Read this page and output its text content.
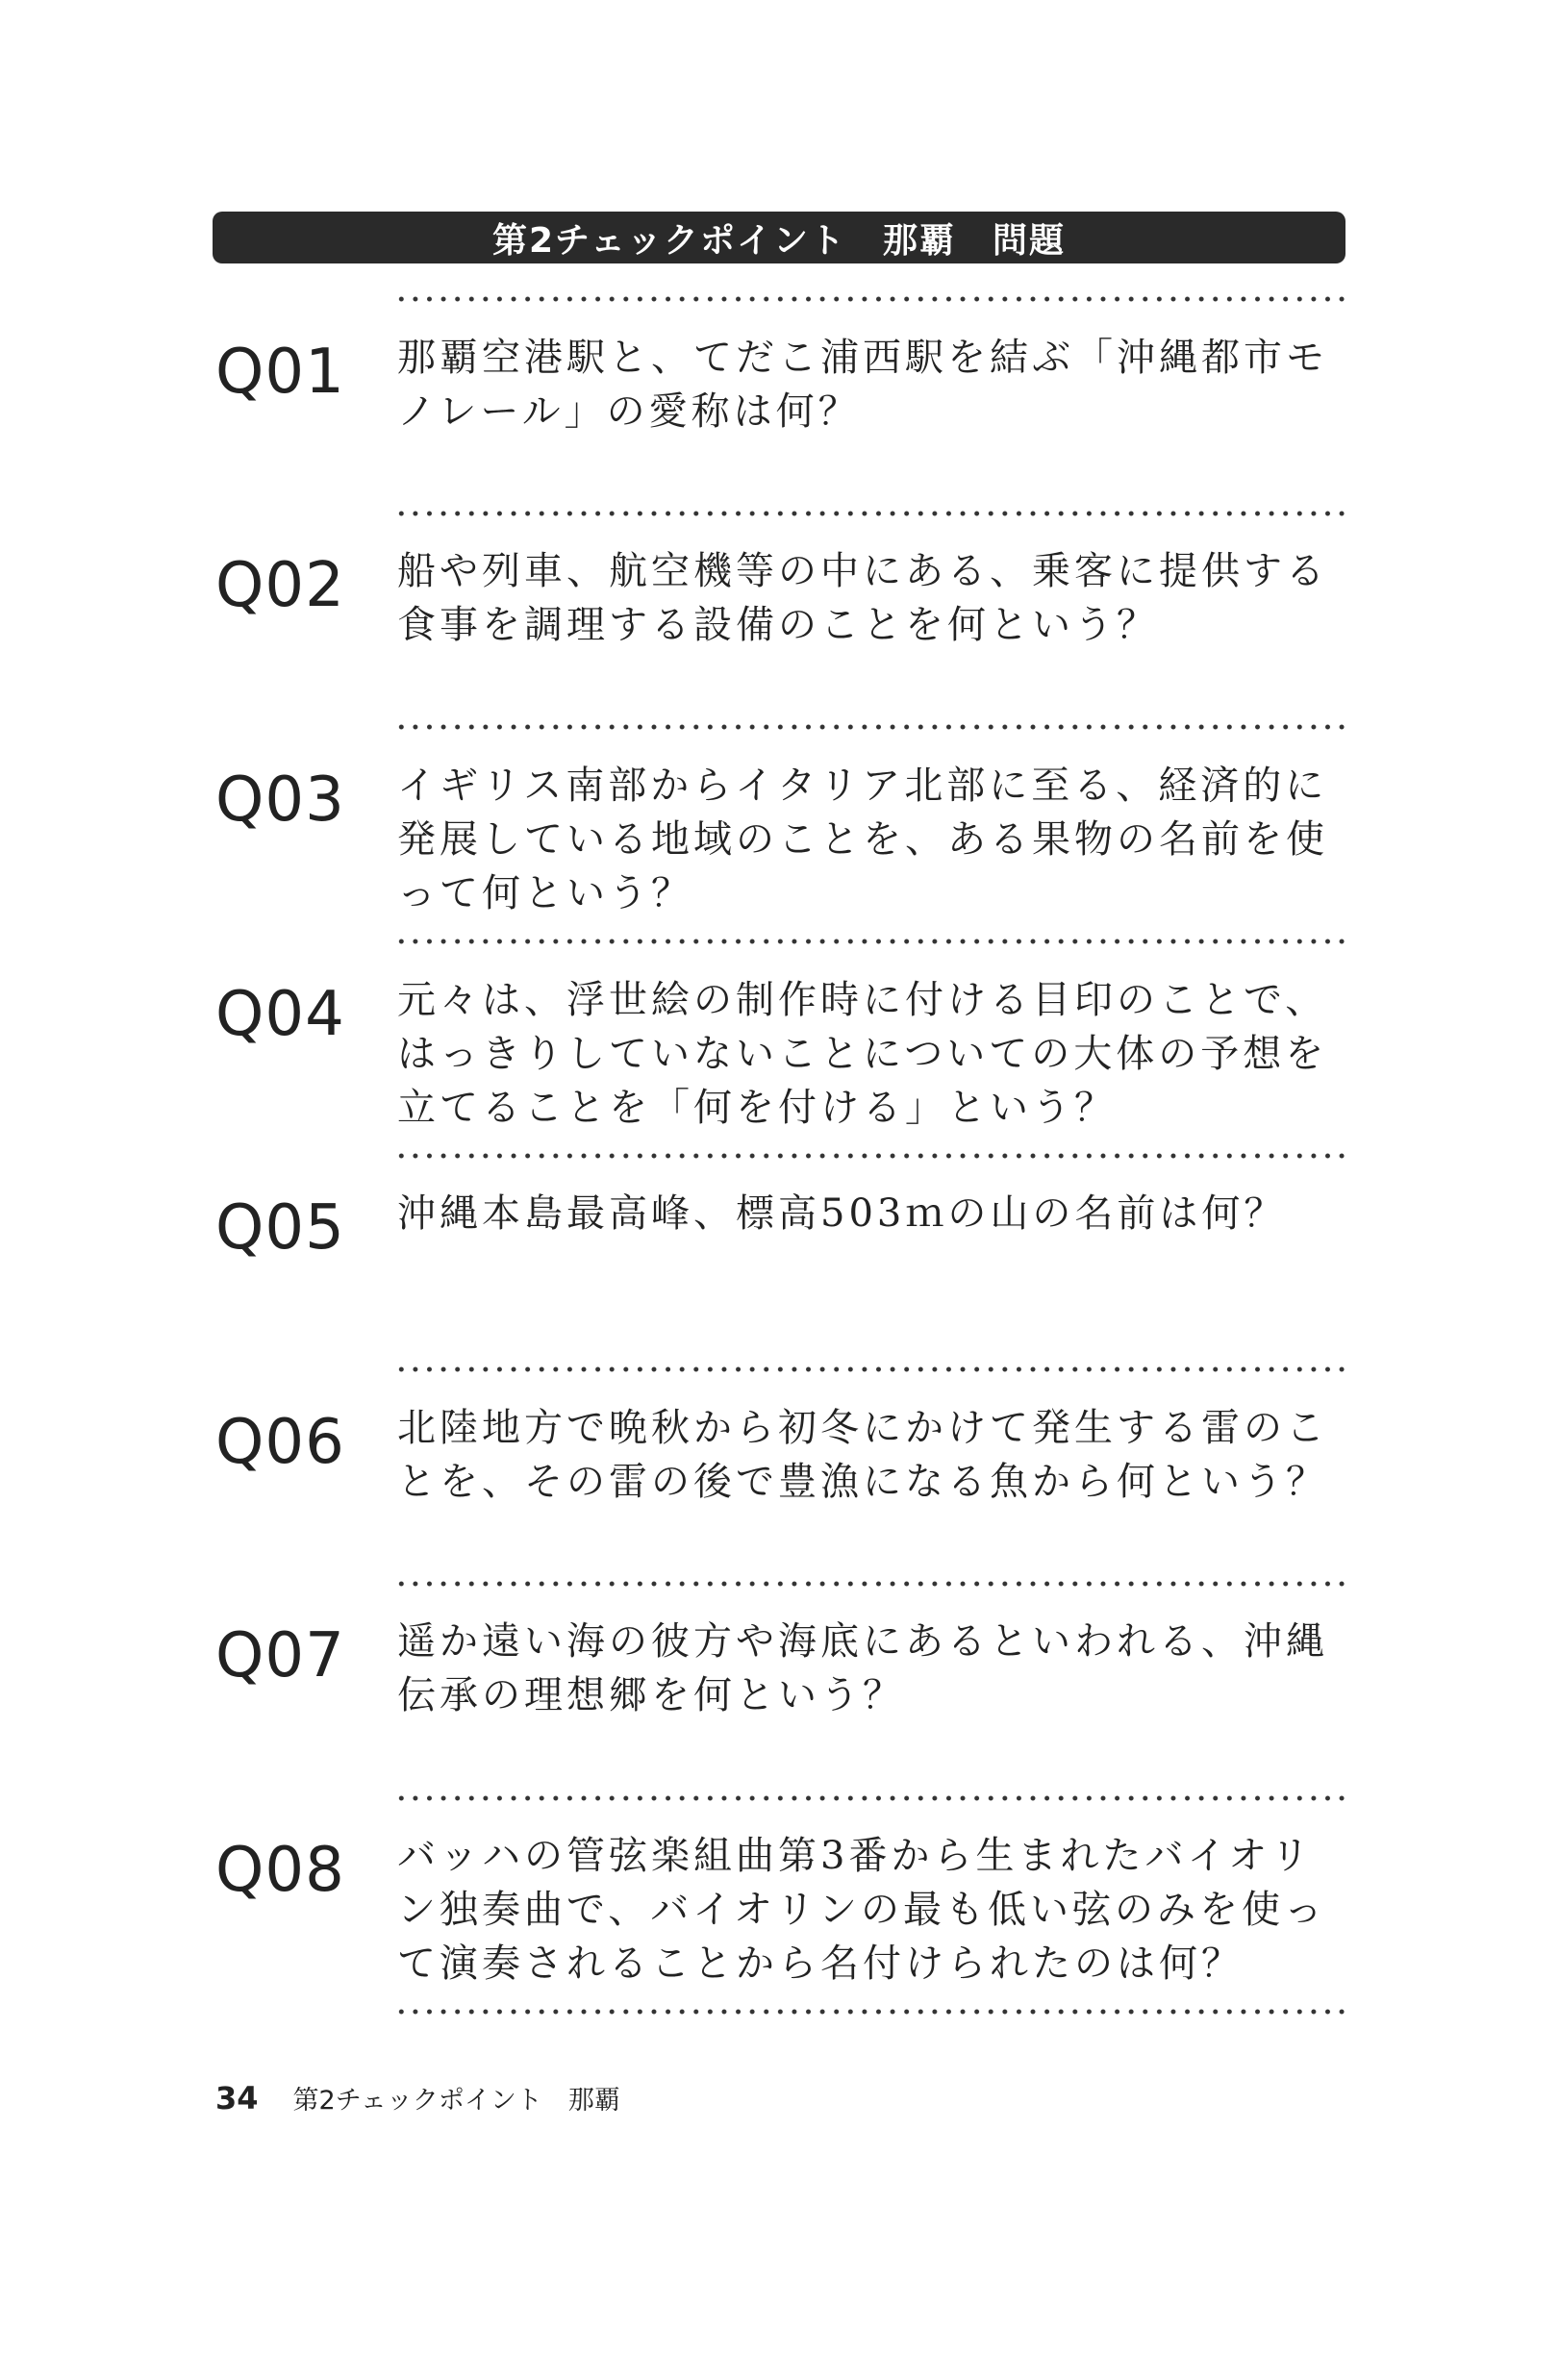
第2チェックポイント　那覇　問題
Q01 那覇空港駅と、てだこ浦西駅を結ぶ「沖縄都市モノレール」の愛称は何？
Q02 船や列車、航空機等の中にある、乗客に提供する食事を調理する設備のことを何という？
Q03 イギリス南部からイタリア北部に至る、経済的に発展している地域のことを、ある果物の名前を使って何という？
Q04 元々は、浮世絵の制作時に付ける目印のことで、はっきりしていないことについての大体の予想を立てることを「何を付ける」という？
Q05 沖縄本島最高峰、標高503ｍの山の名前は何？
Q06 北陸地方で晩秋から初冬にかけて発生する雷のことを、その雷の後で豊漁になる魚から何という？
Q07 遥か遠い海の彼方や海底にあるといわれる、沖縄伝承の理想郷を何という？
Q08 バッハの管弦楽組曲第3番から生まれたバイオリン独奏曲で、バイオリンの最も低い弦のみを使って演奏されることから名付けられたのは何？
34 第2チェックポイント　那覇
